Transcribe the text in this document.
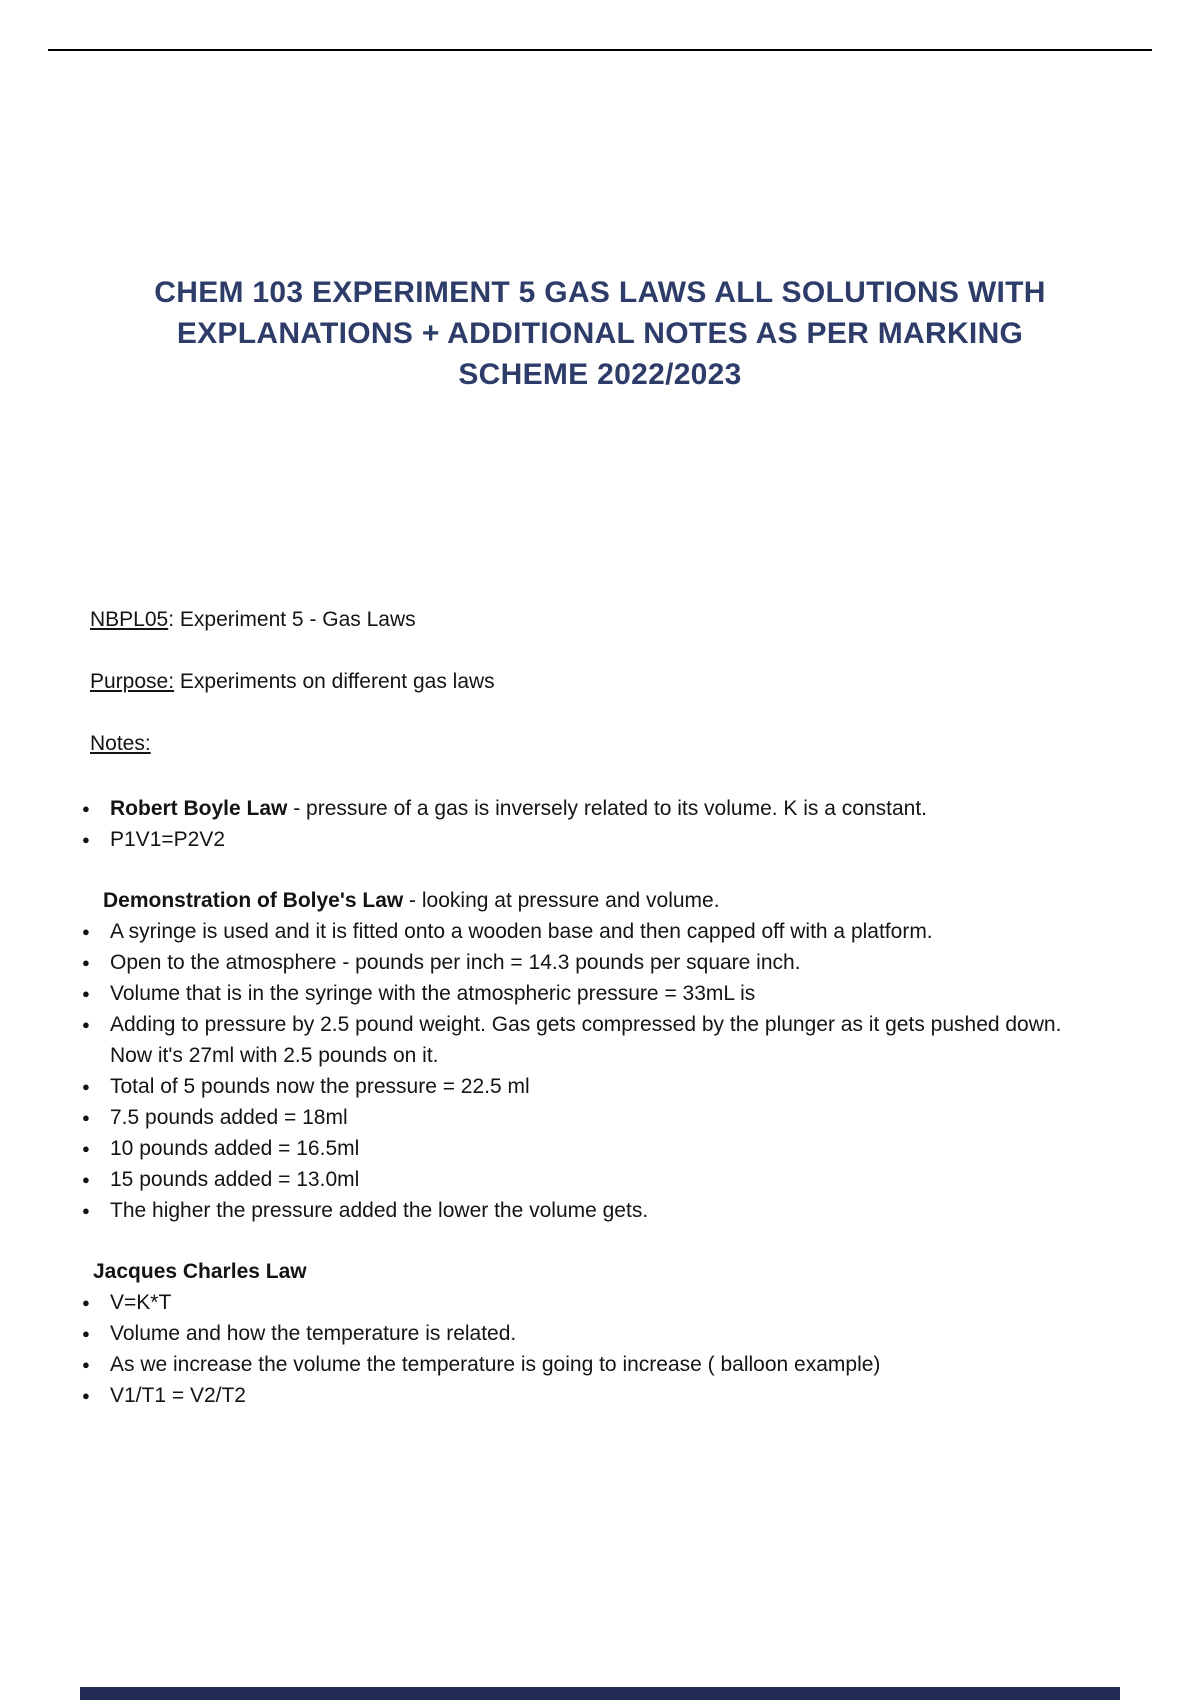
CHEM 103 EXPERIMENT 5 GAS LAWS ALL SOLUTIONS WITH
EXPLANATIONS + ADDITIONAL NOTES AS PER MARKING
SCHEME 2022/2023

NBPL05: Experiment 5 - Gas Laws

Purpose: Experiments on different gas laws

Notes:

● Robert Boyle Law - pressure of a gas is inversely related to its volume. K is a constant.
● P1V1=P2V2
Demonstration of Bolye's Law - looking at pressure and volume.
● A syringe is used and it is fitted onto a wooden base and then capped off with a platform.
● Open to the atmosphere - pounds per inch = 14.3 pounds per square inch.
● Volume that is in the syringe with the atmospheric pressure = 33mL is
● Adding to pressure by 2.5 pound weight. Gas gets compressed by the plunger as it gets pushed down. Now it's 27ml with 2.5 pounds on it.
● Total of 5 pounds now the pressure = 22.5 ml
● 7.5 pounds added = 18ml
● 10 pounds added = 16.5ml
● 15 pounds added = 13.0ml
● The higher the pressure added the lower the volume gets.
Jacques Charles Law
● V=K*T
● Volume and how the temperature is related.
● As we increase the volume the temperature is going to increase ( balloon example)
● V1/T1 = V2/T2
